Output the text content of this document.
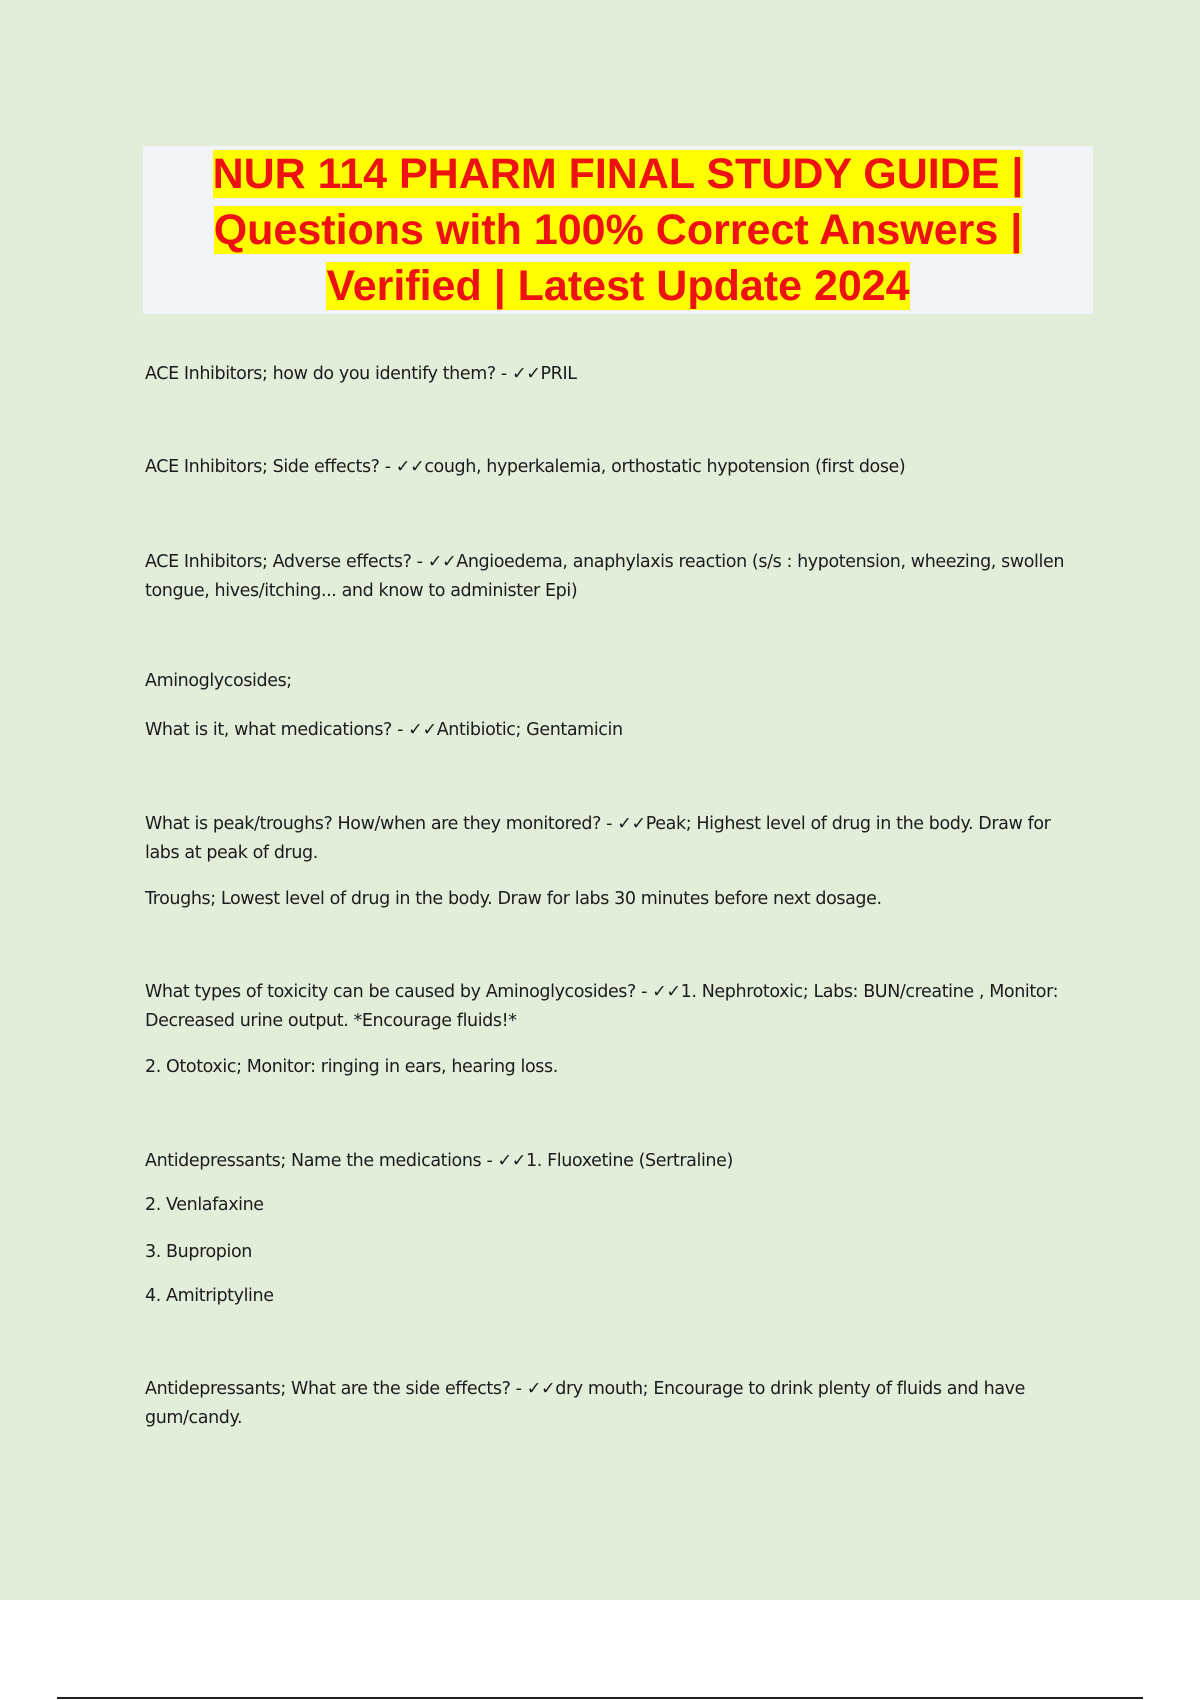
NUR 114 PHARM FINAL STUDY GUIDE |
Questions with 100% Correct Answers |
Verified | Latest Update 2024

ACE Inhibitors; how do you identify them? - ✓✓PRIL

ACE Inhibitors; Side effects? - ✓✓cough, hyperkalemia, orthostatic hypotension (first dose)

ACE Inhibitors; Adverse effects? - ✓✓Angioedema, anaphylaxis reaction (s/s : hypotension, wheezing, swollen tongue, hives/itching... and know to administer Epi)

Aminoglycosides;

What is it, what medications? - ✓✓Antibiotic; Gentamicin

What is peak/troughs? How/when are they monitored? - ✓✓Peak; Highest level of drug in the body. Draw for labs at peak of drug.

Troughs; Lowest level of drug in the body. Draw for labs 30 minutes before next dosage.

What types of toxicity can be caused by Aminoglycosides? - ✓✓1. Nephrotoxic; Labs: BUN/creatine , Monitor: Decreased urine output. *Encourage fluids!*

2. Ototoxic; Monitor: ringing in ears, hearing loss.

Antidepressants; Name the medications - ✓✓1. Fluoxetine (Sertraline)

2. Venlafaxine

3. Bupropion

4. Amitriptyline

Antidepressants; What are the side effects? - ✓✓dry mouth; Encourage to drink plenty of fluids and have gum/candy.
